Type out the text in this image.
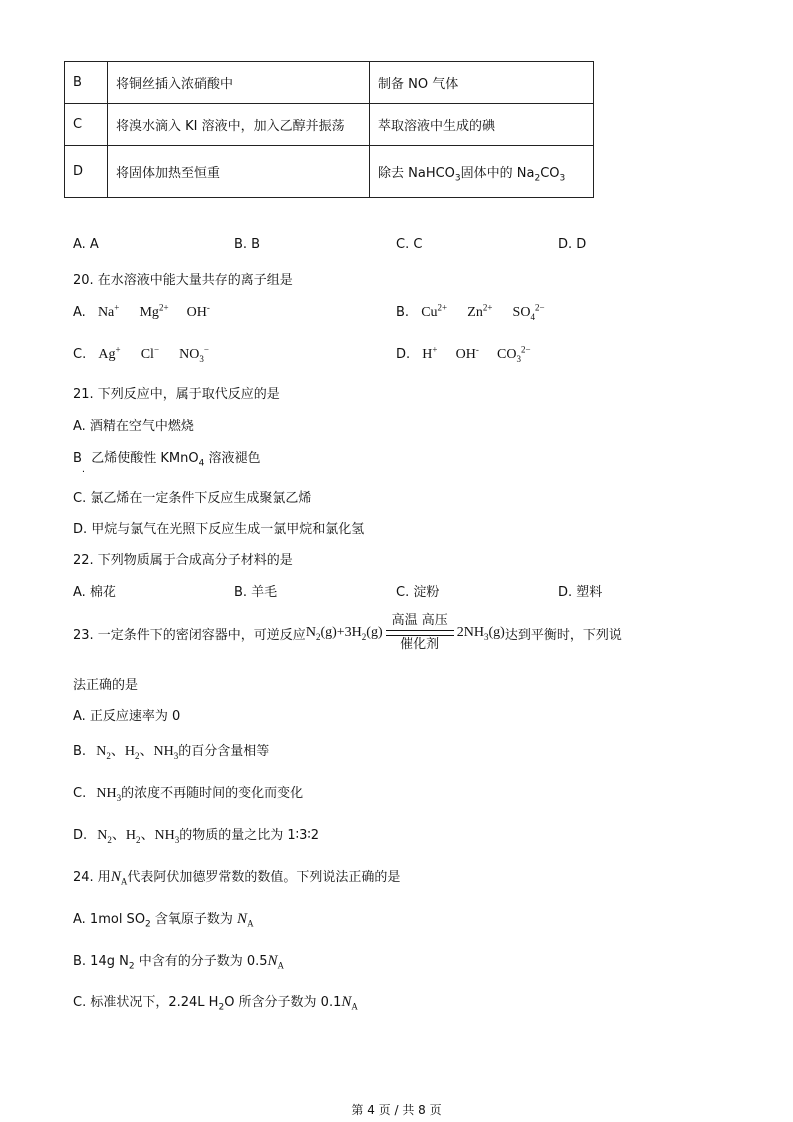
B	将铜丝插入浓硝酸中	制备 NO 气体
C	将溴水滴入 KI 溶液中，加入乙醇并振荡	萃取溶液中生成的碘
D	将固体加热至恒重	除去 NaHCO$_3$固体中的 $Na_2CO_3$
A. A	B. B	C. C	D. D
20. 在水溶液中能大量共存的离子组是
A. Na+ $Mg^{2+}$ OH-	B. $Cu^{2+}$ $Zn^{2+}$ $SO_4^{2-}$
C. Ag+ Cl− $NO_3^-$	D. H+ OH- $CO_3^{2-}$
21. 下列反应中，属于取代反应的是
A. 酒精在空气中燃烧
$B_.$ 乙烯使酸性 KMnO$_4$ 溶液褪色
C. 氯乙烯在一定条件下反应生成聚氯乙烯
D. 甲烷与氯气在光照下反应生成一氯甲烷和氯化氢
22. 下列物质属于合成高分子材料的是
A. 棉花	B. 羊毛	C. 淀粉	D. 塑料
23. 一定条件下的密闭容器中，可逆反应 $N_2(g)+3H_2(g)$
高温 高压
催化剂
$2NH_3(g)$ 达到平衡时，下列说
法正确的是
A. 正反应速率为 0
B. $N_2$、$H_2$、$NH_3$的百分含量相等
C. $NH_3$的浓度不再随时间的变化而变化
D. $N_2$、$H_2$、$NH_3$的物质的量之比为 1∶3∶2
24. 用$N_A$代表阿伏加德罗常数的数值。下列说法正确的是
A. 1mol $SO_2$ 含氧原子数为 $N_A$
B. 14g $N_2$ 中含有的分子数为 $0.5N_A$
C. 标准状况下，2.24L $H_2O$ 所含分子数为 $0.1N_A$
第 4 页 / 共 8 页
